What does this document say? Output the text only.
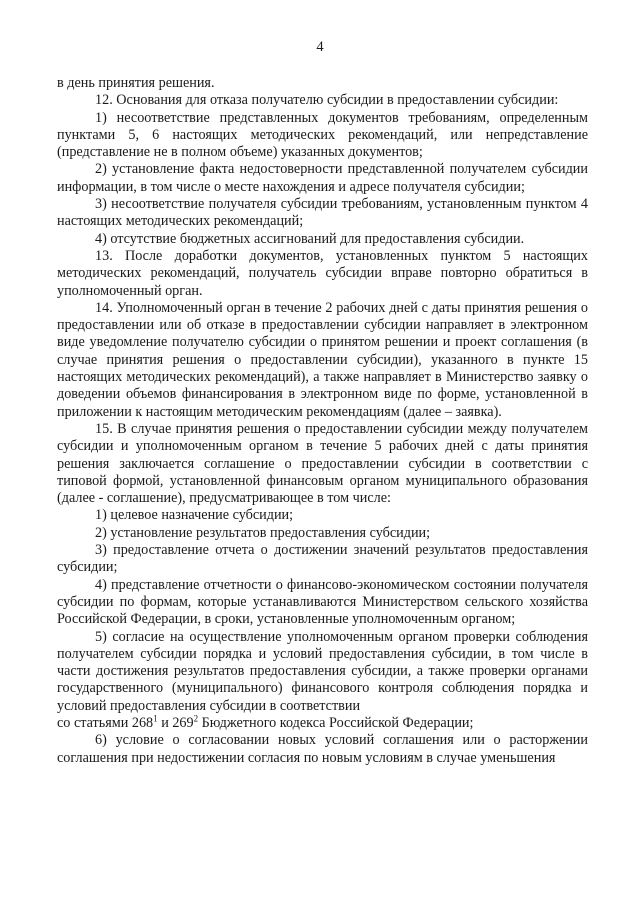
4

в день принятия решения.

12. Основания для отказа получателю субсидии в предоставлении субсидии:

1) несоответствие представленных документов требованиям, определенным пунктами 5, 6 настоящих методических рекомендаций, или непредставление (представление не в полном объеме) указанных документов;

2) установление факта недостоверности представленной получателем субсидии информации, в том числе о месте нахождения и адресе получателя субсидии;

3) несоответствие получателя субсидии требованиям, установленным пунктом 4 настоящих методических рекомендаций;

4) отсутствие бюджетных ассигнований для предоставления субсидии.

13. После доработки документов, установленных пунктом 5 настоящих методических рекомендаций, получатель субсидии вправе повторно обратиться в уполномоченный орган.

14. Уполномоченный орган в течение 2 рабочих дней с даты принятия решения о предоставлении или об отказе в предоставлении субсидии направляет в электронном виде уведомление получателю субсидии о принятом решении и проект соглашения (в случае принятия решения о предоставлении субсидии), указанного в пункте 15 настоящих методических рекомендаций), а также направляет в Министерство заявку о доведении объемов финансирования в электронном виде по форме, установленной в приложении к настоящим методическим рекомендациям (далее – заявка).

15. В случае принятия решения о предоставлении субсидии между получателем субсидии и уполномоченным органом в течение 5 рабочих дней с даты принятия решения заключается соглашение о предоставлении субсидии в соответствии с типовой формой, установленной финансовым органом муниципального образования (далее - соглашение), предусматривающее в том числе:

1) целевое назначение субсидии;

2) установление результатов предоставления субсидии;

3) предоставление отчета о достижении значений результатов предоставления субсидии;

4) представление отчетности о финансово-экономическом состоянии получателя субсидии по формам, которые устанавливаются Министерством сельского хозяйства Российской Федерации, в сроки, установленные уполномоченным органом;

5) согласие на осуществление уполномоченным органом проверки соблюдения получателем субсидии порядка и условий предоставления субсидии, в том числе в части достижения результатов предоставления субсидии, а также проверки органами государственного (муниципального) финансового контроля соблюдения порядка и условий предоставления субсидии в соответствии

со статьями $268^1$ и $269^2$ Бюджетного кодекса Российской Федерации;

6) условие о согласовании новых условий соглашения или о расторжении соглашения при недостижении согласия по новым условиям в случае уменьшения
